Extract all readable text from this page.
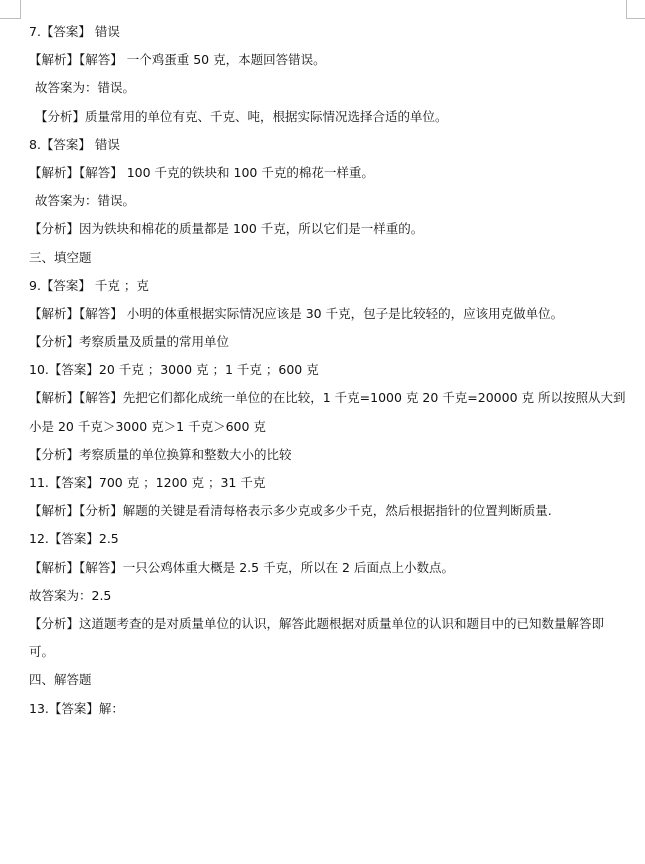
7.【答案】 错误
【解析】【解答】 一个鸡蛋重 50 克，本题回答错误。
故答案为：错误。
【分析】质量常用的单位有克、千克、吨，根据实际情况选择合适的单位。
8.【答案】 错误
【解析】【解答】 100 千克的铁块和 100 千克的棉花一样重。
故答案为：错误。
【分析】因为铁块和棉花的质量都是 100 千克，所以它们是一样重的。
三、填空题
9.【答案】 千克 ；克
【解析】【解答】 小明的体重根据实际情况应该是 30 千克，包子是比较轻的，应该用克做单位。
【分析】考察质量及质量的常用单位
10.【答案】20 千克 ；3000 克 ；1 千克 ；600 克
【解析】【解答】先把它们都化成统一单位的在比较，1 千克=1000 克 20 千克=20000 克 所以按照从大到
小是 20 千克＞3000 克＞1 千克＞600 克
【分析】考察质量的单位换算和整数大小的比较
11.【答案】700 克 ；1200 克 ；31 千克
【解析】【分析】解题的关键是看清每格表示多少克或多少千克，然后根据指针的位置判断质量.
12.【答案】2.5
【解析】【解答】一只公鸡体重大概是 2.5 千克，所以在 2 后面点上小数点。
故答案为：2.5
【分析】这道题考查的是对质量单位的认识，解答此题根据对质量单位的认识和题目中的已知数量解答即
可。
四、解答题
13.【答案】解：
